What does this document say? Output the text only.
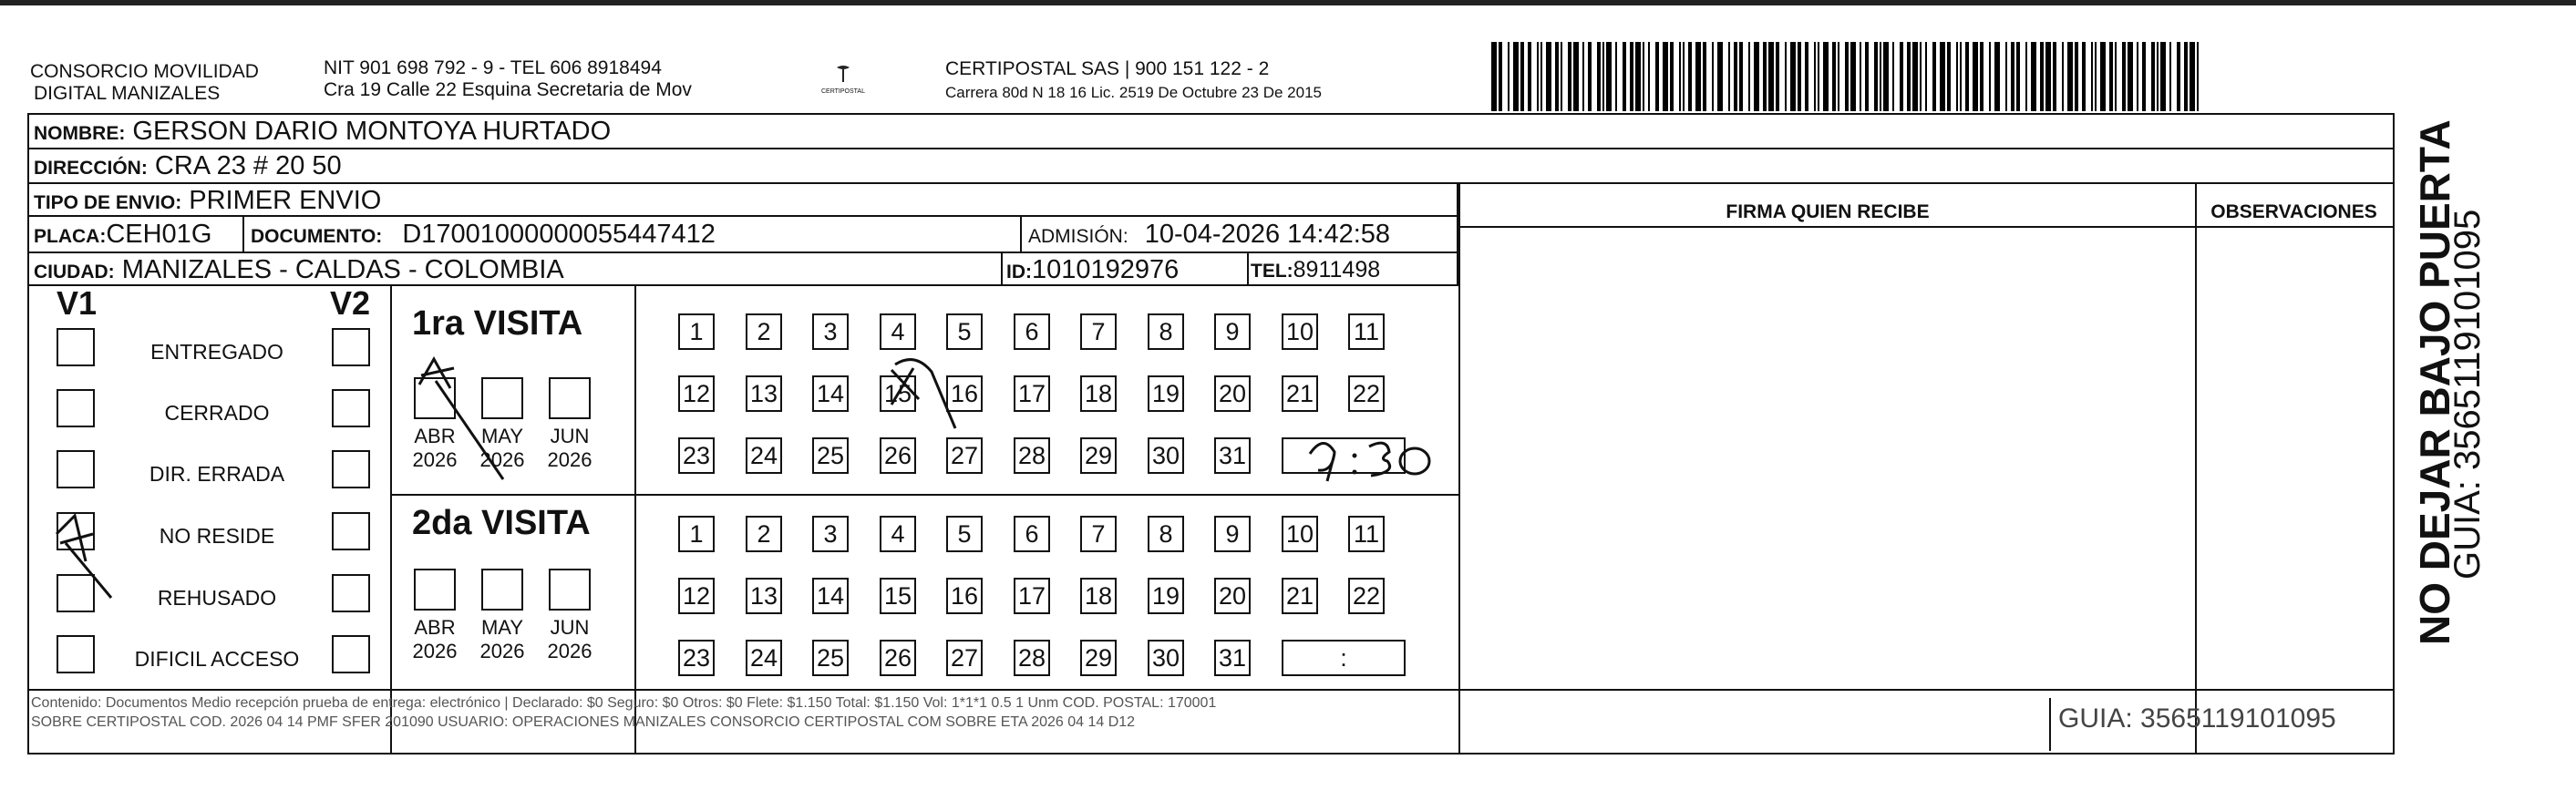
CONSORCIO MOVILIDAD
DIGITAL MANIZALES
NIT 901 698 792 - 9 - TEL 606 8918494
Cra 19 Calle 22 Esquina Secretaria de Mov	CERTIPOSTAL
CERTIPOSTAL SAS | 900 151 122 - 2
Carrera 80d N 18 16 Lic. 2519 De Octubre 23 De 2015
NOMBRE: GERSON DARIO MONTOYA HURTADO
DIRECCIÓN: CRA 23 # 20 50
TIPO DE ENVIO: PRIMER ENVIO
PLACA:CEH01G DOCUMENTO: D17001000000055447412	ADMISIÓN: 10-04-2026 14:42:58
CIUDAD: MANIZALES - CALDAS - COLOMBIA	ID:1010192976	TEL:8911498
FIRMA QUIEN RECIBE	OBSERVACIONES
V1	V2
ENTREGADO
CERRADO
DIR. ERRADA
NO RESIDE
REHUSADO
DIFICIL ACCESO
1ra VISITA
ABR
2026
MAY
2026
JUN
2026
1	2	3	4	5	6	7	8	9	10 11
12 13 14 15 16 17 18 19 20 21 22
23 24 25 26 27 28 29 30 31
2da VISITA
ABR
2026
MAY
2026
JUN
2026
1	2	3	4	5	6	7	8	9	10 11
12 13 14 15 16 17 18 19 20 21 22
23 24 25 26 27 28 29 30 31	:
Contenido: Documentos Medio recepción prueba de entrega: electrónico | Declarado: $0 Seguro: $0 Otros: $0 Flete: $1.150 Total: $1.150 Vol: 1*1*1 0.5 1 Unm COD. POSTAL: 170001
SOBRE CERTIPOSTAL COD. 2026 04 14 PMF SFER 201090 USUARIO: OPERACIONES MANIZALES CONSORCIO CERTIPOSTAL COM SOBRE ETA 2026 04 14 D12	GUIA: 3565119101095
NO DEJAR BAJO PUERTA
GUIA: 3565119101095
